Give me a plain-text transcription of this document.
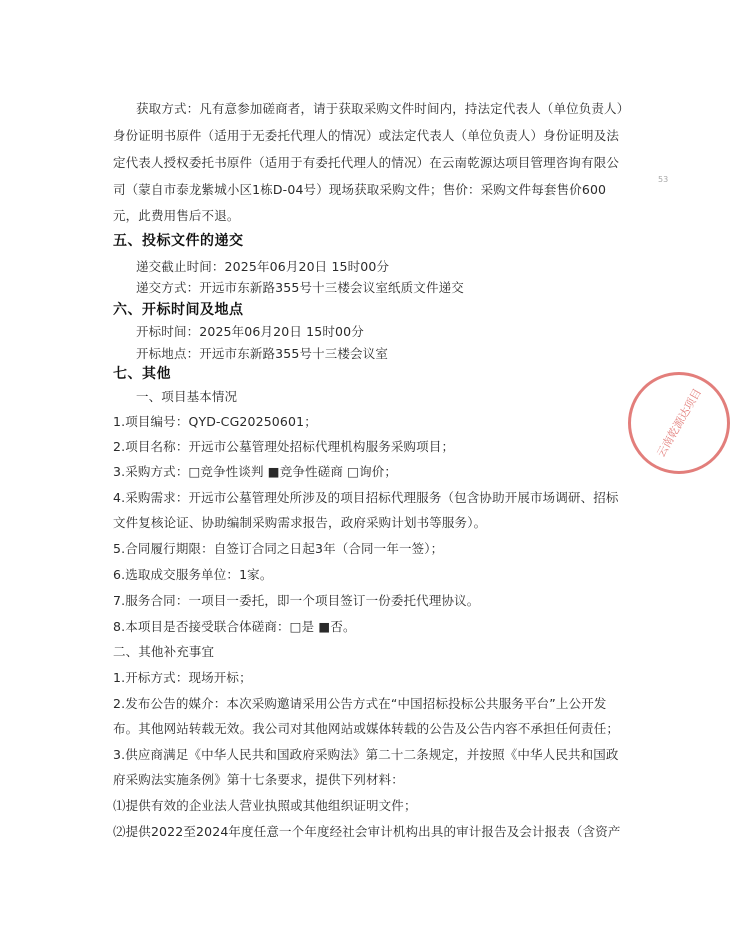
获取方式：凡有意参加磋商者，请于获取采购文件时间内，持法定代表人（单位负责人）
身份证明书原件（适用于无委托代理人的情况）或法定代表人（单位负责人）身份证明及法
定代表人授权委托书原件（适用于有委托代理人的情况）在云南乾源达项目管理咨询有限公
司（蒙自市泰龙紫城小区1栋D-04号）现场获取采购文件；售价：采购文件每套售价600
元，此费用售后不退。
五、投标文件的递交
递交截止时间：2025年06月20日 15时00分
递交方式：开远市东新路355号十三楼会议室纸质文件递交
六、开标时间及地点
开标时间：2025年06月20日 15时00分
开标地点：开远市东新路355号十三楼会议室
七、其他
一、项目基本情况
1.项目编号：QYD-CG20250601；
2.项目名称：开远市公墓管理处招标代理机构服务采购项目；
3.采购方式：□竞争性谈判 ■竞争性磋商 □询价；
4.采购需求：开远市公墓管理处所涉及的项目招标代理服务（包含协助开展市场调研、招标
文件复核论证、协助编制采购需求报告，政府采购计划书等服务）。
5.合同履行期限：自签订合同之日起3年（合同一年一签）；
6.选取成交服务单位：1家。
7.服务合同：一项目一委托，即一个项目签订一份委托代理协议。
8.本项目是否接受联合体磋商：□是 ■否。
二、其他补充事宜
1.开标方式：现场开标；
2.发布公告的媒介：本次采购邀请采用公告方式在“中国招标投标公共服务平台”上公开发
布。其他网站转载无效。我公司对其他网站或媒体转载的公告及公告内容不承担任何责任；
3.供应商满足《中华人民共和国政府采购法》第二十二条规定，并按照《中华人民共和国政
府采购法实施条例》第十七条要求，提供下列材料：
⑴提供有效的企业法人营业执照或其他组织证明文件；
⑵提供2022至2024年度任意一个年度经社会审计机构出具的审计报告及会计报表（含资产
云南乾源达项目
53
